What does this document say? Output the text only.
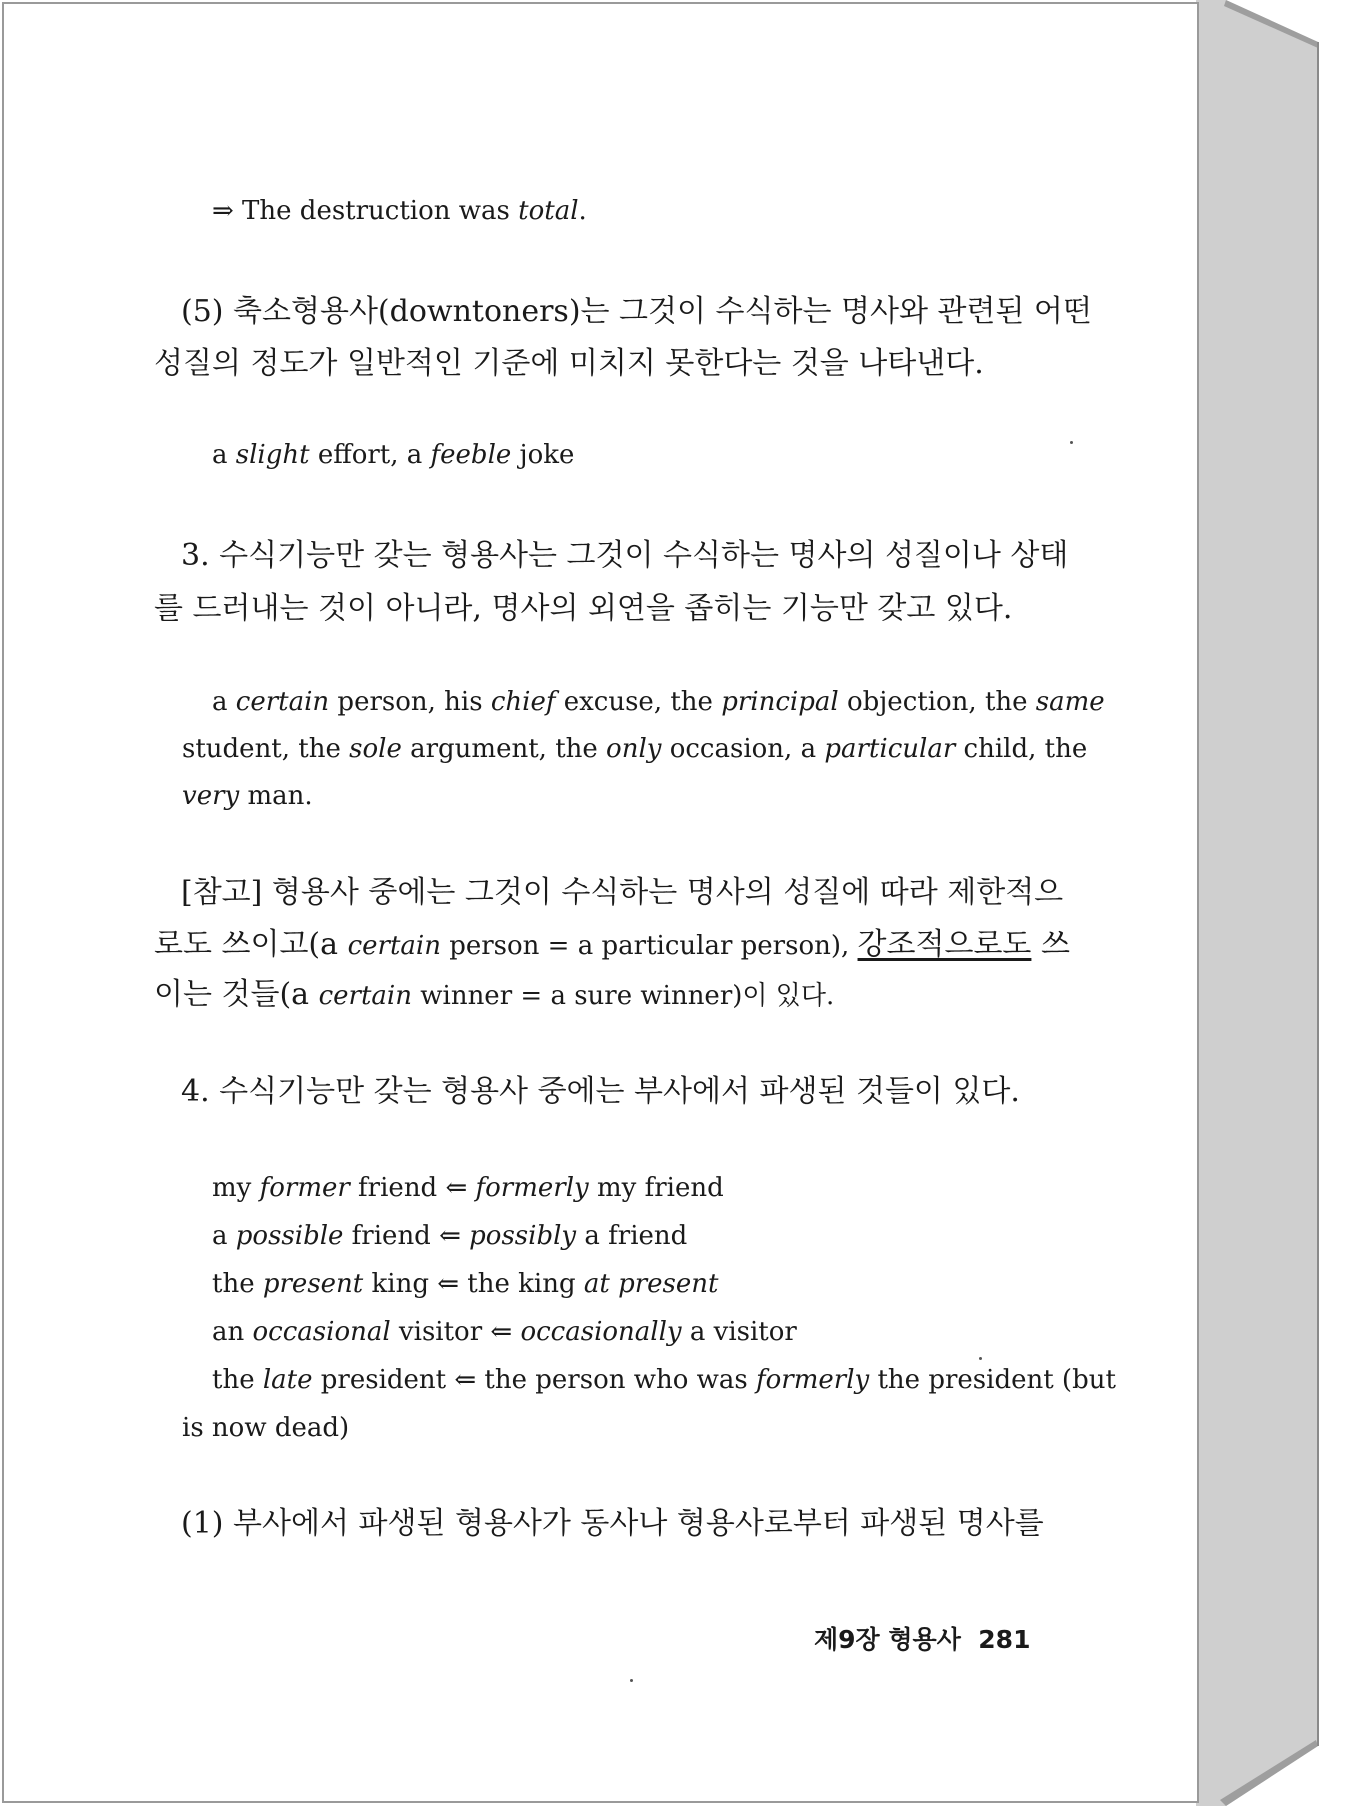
⇒ The destruction was total.
(5) 축소형용사(downtoners)는 그것이 수식하는 명사와 관련된 어떤
성질의 정도가 일반적인 기준에 미치지 못한다는 것을 나타낸다.
a slight effort, a feeble joke
3. 수식기능만 갖는 형용사는 그것이 수식하는 명사의 성질이나 상태
를 드러내는 것이 아니라, 명사의 외연을 좁히는 기능만 갖고 있다.
a certain person, his chief excuse, the principal objection, the same
student, the sole argument, the only occasion, a particular child, the
very man.
[참고] 형용사 중에는 그것이 수식하는 명사의 성질에 따라 제한적으
로도 쓰이고(a certain person = a particular person), 강조적으로도 쓰
이는 것들(a certain winner = a sure winner)이 있다.
4. 수식기능만 갖는 형용사 중에는 부사에서 파생된 것들이 있다.
my former friend ⇐ formerly my friend
a possible friend ⇐ possibly a friend
the present king ⇐ the king at present
an occasional visitor ⇐ occasionally a visitor
the late president ⇐ the person who was formerly the president (but
is now dead)
(1) 부사에서 파생된 형용사가 동사나 형용사로부터 파생된 명사를
제9장 형용사 281
